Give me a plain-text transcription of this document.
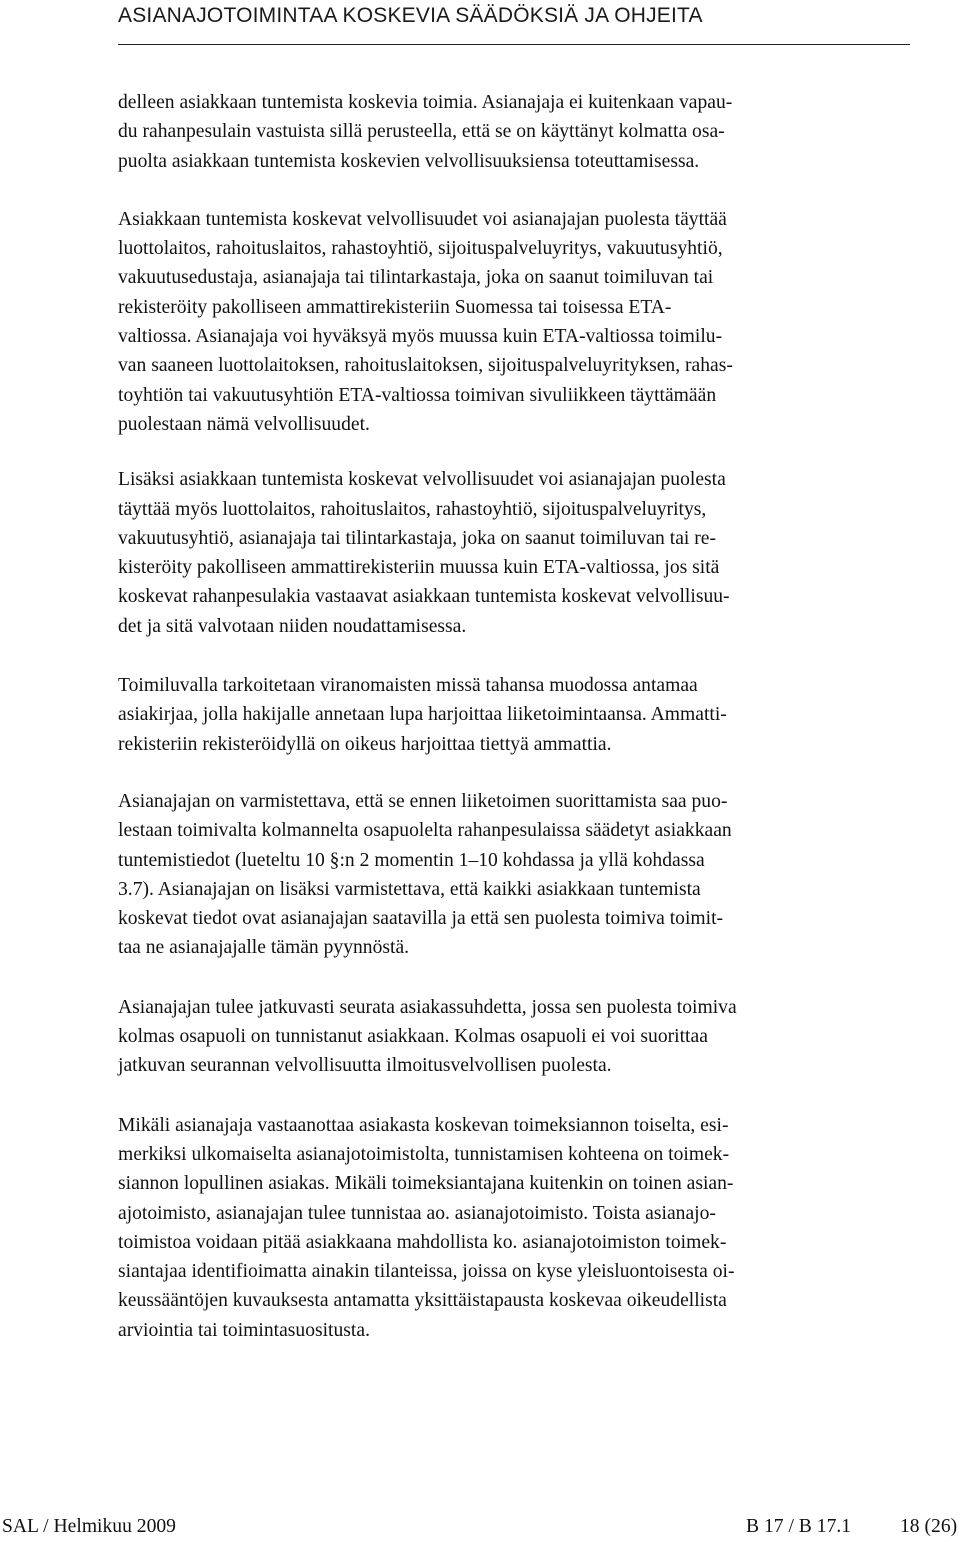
ASIANAJOTOIMINTAA KOSKEVIA SÄÄDÖKSIÄ JA OHJEITA

delleen asiakkaan tuntemista koskevia toimia. Asianajaja ei kuitenkaan vapau-
du rahanpesulain vastuista sillä perusteella, että se on käyttänyt kolmatta osa-
puolta asiakkaan tuntemista koskevien velvollisuuksiensa toteuttamisessa.

Asiakkaan tuntemista koskevat velvollisuudet voi asianajajan puolesta täyttää
luottolaitos, rahoituslaitos, rahastoyhtiö, sijoituspalveluyritys, vakuutusyhtiö,
vakuutusedustaja, asianajaja tai tilintarkastaja, joka on saanut toimiluvan tai
rekisteröity pakolliseen ammattirekisteriin Suomessa tai toisessa ETA-
valtiossa. Asianajaja voi hyväksyä myös muussa kuin ETA-valtiossa toimilu-
van saaneen luottolaitoksen, rahoituslaitoksen, sijoituspalveluyrityksen, rahas-
toyhtiön tai vakuutusyhtiön ETA-valtiossa toimivan sivuliikkeen täyttämään
puolestaan nämä velvollisuudet.

Lisäksi asiakkaan tuntemista koskevat velvollisuudet voi asianajajan puolesta
täyttää myös luottolaitos, rahoituslaitos, rahastoyhtiö, sijoituspalveluyritys,
vakuutusyhtiö, asianajaja tai tilintarkastaja, joka on saanut toimiluvan tai re-
kisteröity pakolliseen ammattirekisteriin muussa kuin ETA-valtiossa, jos sitä
koskevat rahanpesulakia vastaavat asiakkaan tuntemista koskevat velvollisuu-
det ja sitä valvotaan niiden noudattamisessa.

Toimiluvalla tarkoitetaan viranomaisten missä tahansa muodossa antamaa
asiakirjaa, jolla hakijalle annetaan lupa harjoittaa liiketoimintaansa. Ammatti-
rekisteriin rekisteröidyllä on oikeus harjoittaa tiettyä ammattia.

Asianajajan on varmistettava, että se ennen liiketoimen suorittamista saa puo-
lestaan toimivalta kolmannelta osapuolelta rahanpesulaissa säädetyt asiakkaan
tuntemistiedot (lueteltu 10 §:n 2 momentin 1–10 kohdassa ja yllä kohdassa
3.7). Asianajajan on lisäksi varmistettava, että kaikki asiakkaan tuntemista
koskevat tiedot ovat asianajajan saatavilla ja että sen puolesta toimiva toimit-
taa ne asianajajalle tämän pyynnöstä.

Asianajajan tulee jatkuvasti seurata asiakassuhdetta, jossa sen puolesta toimiva
kolmas osapuoli on tunnistanut asiakkaan. Kolmas osapuoli ei voi suorittaa
jatkuvan seurannan velvollisuutta ilmoitusvelvollisen puolesta.

Mikäli asianajaja vastaanottaa asiakasta koskevan toimeksiannon toiselta, esi-
merkiksi ulkomaiselta asianajotoimistolta, tunnistamisen kohteena on toimek-
siannon lopullinen asiakas. Mikäli toimeksiantajana kuitenkin on toinen asian-
ajotoimisto, asianajajan tulee tunnistaa ao. asianajotoimisto. Toista asianajo-
toimistoa voidaan pitää asiakkaana mahdollista ko. asianajotoimiston toimek-
siantajaa identifioimatta ainakin tilanteissa, joissa on kyse yleisluontoisesta oi-
keussääntöjen kuvauksesta antamatta yksittäistapausta koskevaa oikeudellista
arviointia tai toimintasuositusta.

SAL / Helmikuu 2009	B 17 / B 17.1 18 (26)
